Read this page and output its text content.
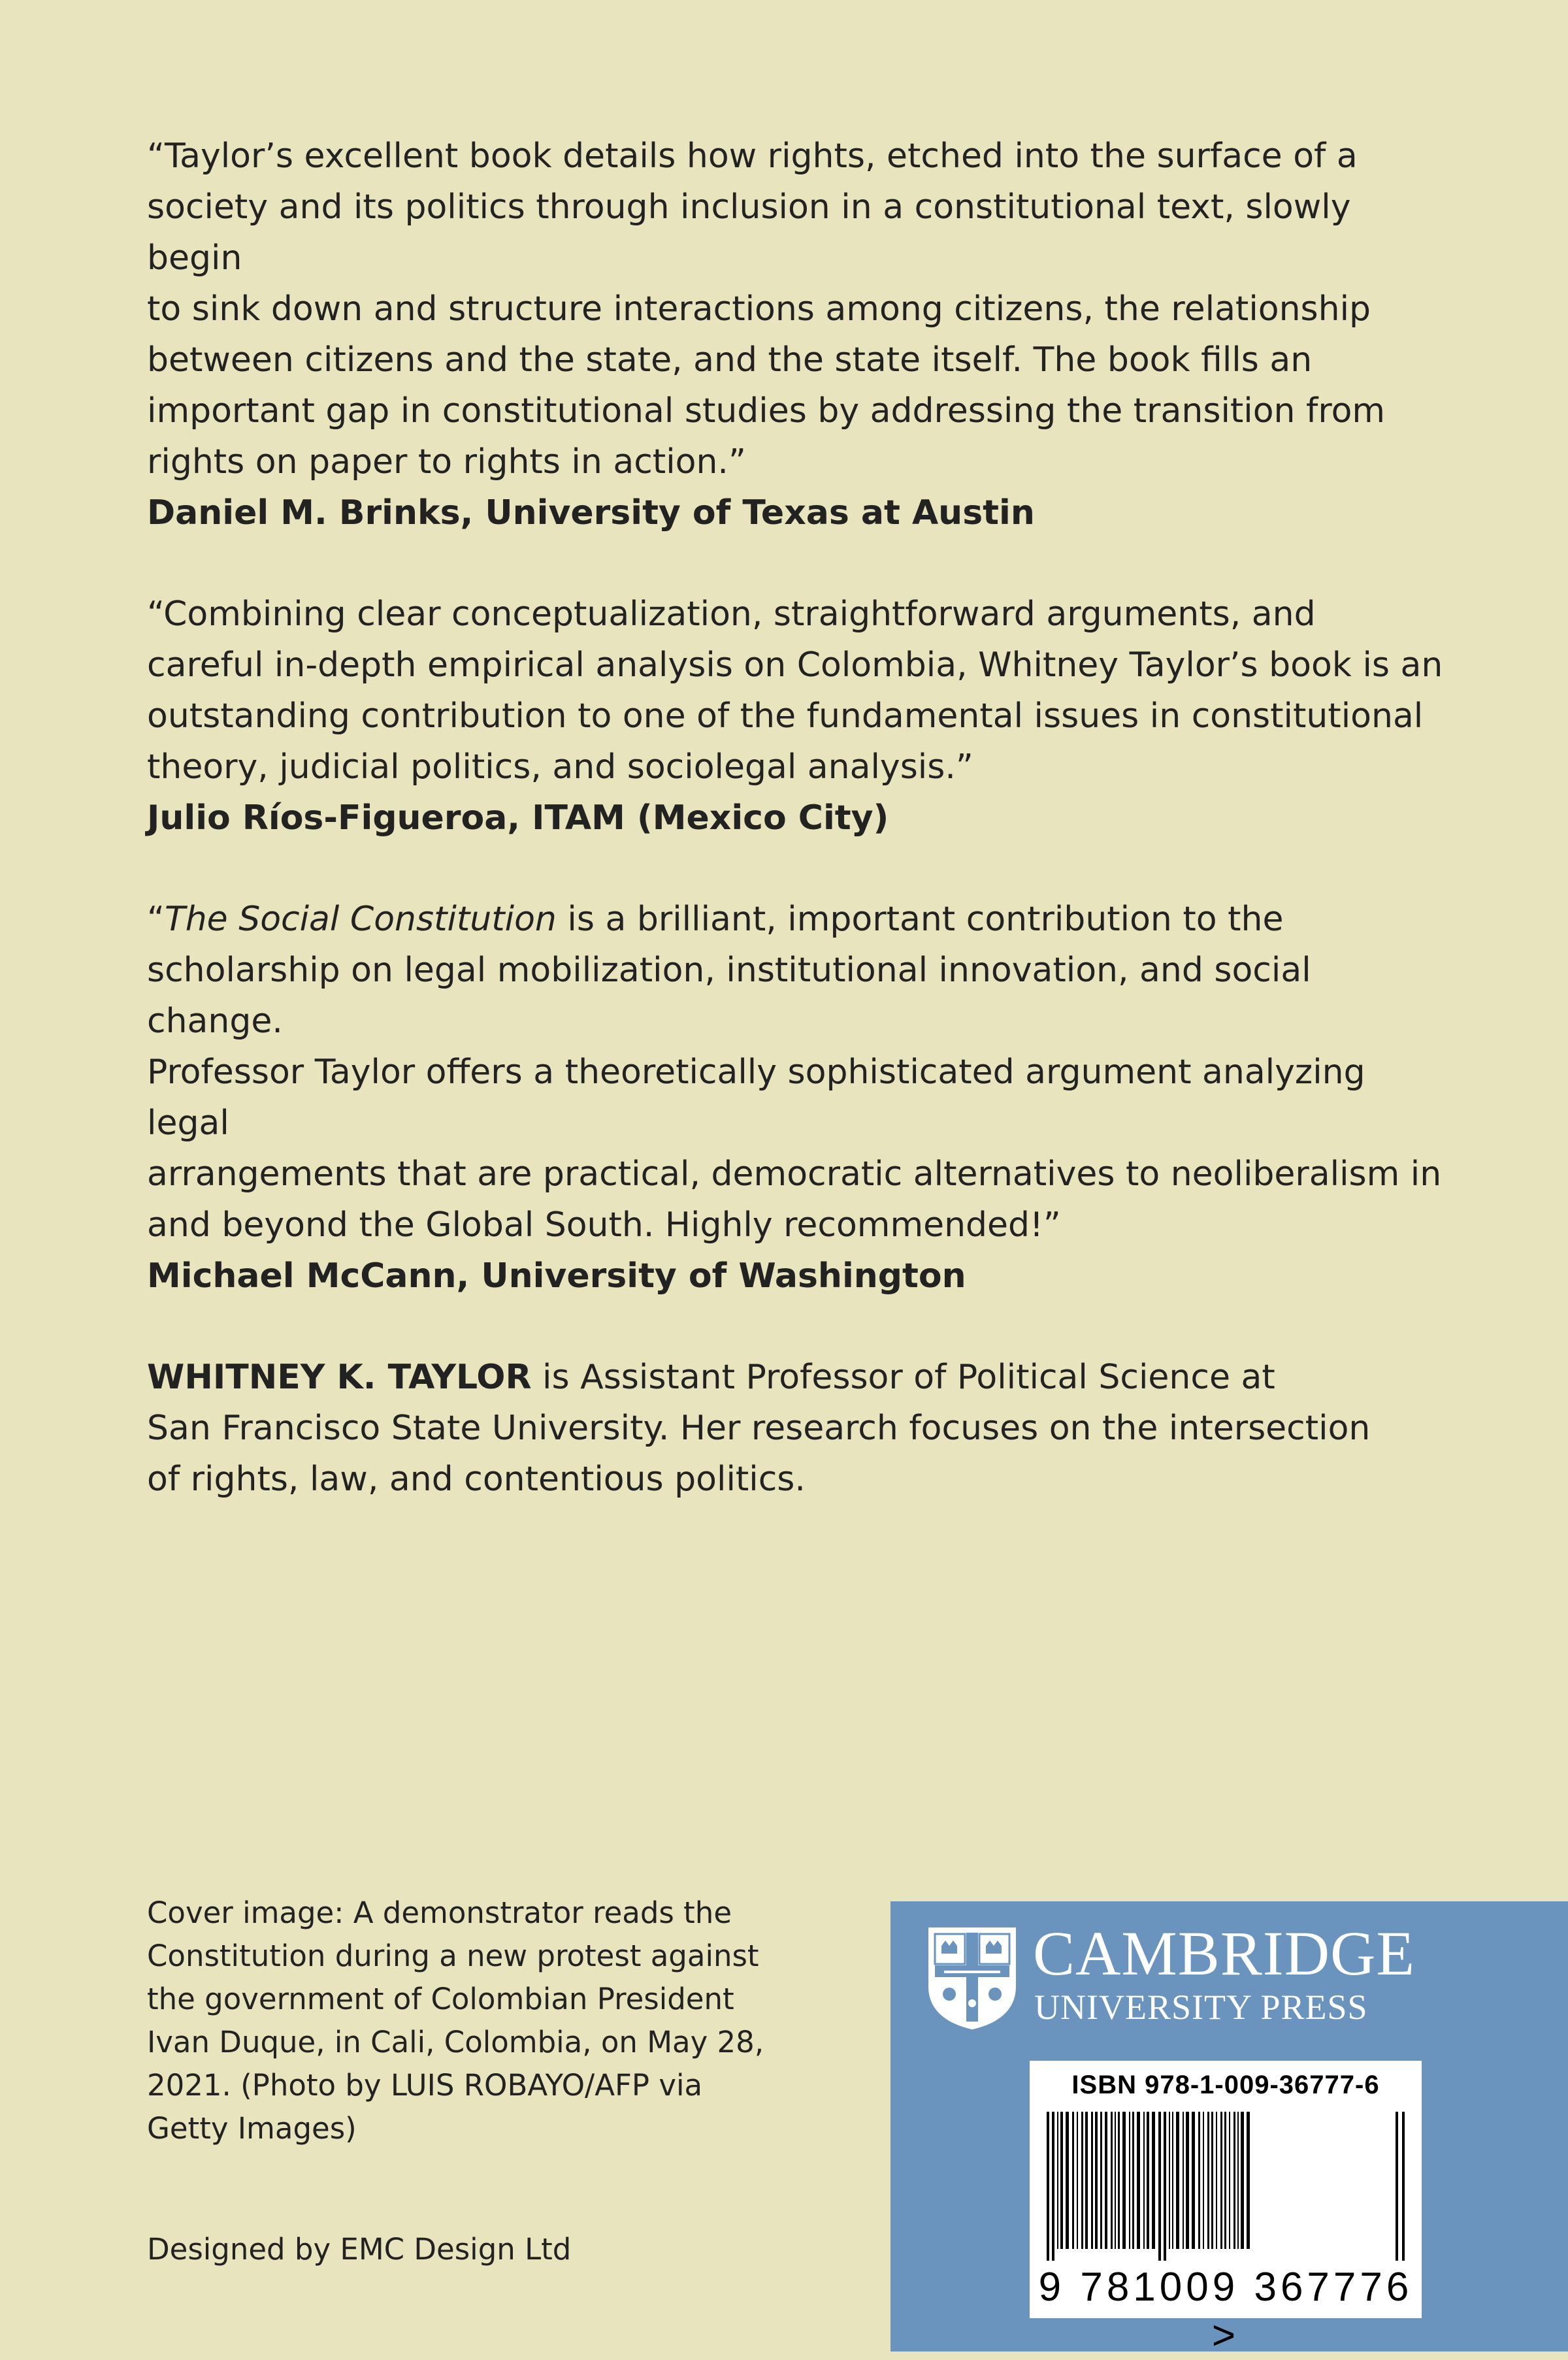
“Taylor’s excellent book details how rights, etched into the surface of a
society and its politics through inclusion in a constitutional text, slowly begin
to sink down and structure interactions among citizens, the relationship
between citizens and the state, and the state itself. The book fills an
important gap in constitutional studies by addressing the transition from
rights on paper to rights in action.”
Daniel M. Brinks, University of Texas at Austin
“Combining clear conceptualization, straightforward arguments, and
careful in-depth empirical analysis on Colombia, Whitney Taylor’s book is an
outstanding contribution to one of the fundamental issues in constitutional
theory, judicial politics, and sociolegal analysis.”
Julio Ríos-Figueroa, ITAM (Mexico City)
“The Social Constitution is a brilliant, important contribution to the
scholarship on legal mobilization, institutional innovation, and social change.
Professor Taylor offers a theoretically sophisticated argument analyzing legal
arrangements that are practical, democratic alternatives to neoliberalism in
and beyond the Global South. Highly recommended!”
Michael McCann, University of Washington
WHITNEY K. TAYLOR is Assistant Professor of Political Science at
San Francisco State University. Her research focuses on the intersection
of rights, law, and contentious politics.
Cover image: A demonstrator reads the
Constitution during a new protest against
the government of Colombian President
Ivan Duque, in Cali, Colombia, on May 28,
2021. (Photo by LUIS ROBAYO/AFP via
Getty Images)
Designed by EMC Design Ltd
CAMBRIDGE
UNIVERSITY PRESS
ISBN 978-1-009-36777-6
9 781009 367776 >
